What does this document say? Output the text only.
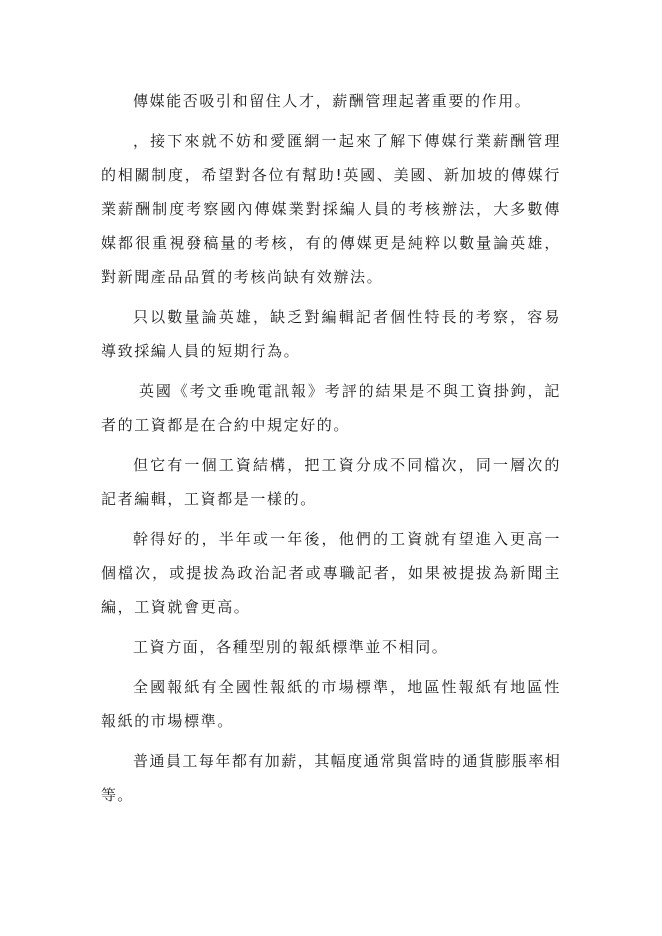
傳媒能否吸引和留住人才，薪酬管理起著重要的作用。

，接下來就不妨和愛匯網一起來了解下傳媒行業薪酬管理的相關制度，希望對各位有幫助!英國、美國、新加坡的傳媒行業薪酬制度考察國內傳媒業對採編人員的考核辦法，大多數傳媒都很重視發稿量的考核，有的傳媒更是純粹以數量論英雄，對新聞產品品質的考核尚缺有效辦法。

只以數量論英雄，缺乏對編輯記者個性特長的考察，容易導致採編人員的短期行為。

英國《考文垂晚電訊報》考評的結果是不與工資掛鉤，記者的工資都是在合約中規定好的。

但它有一個工資結構，把工資分成不同檔次，同一層次的記者編輯，工資都是一樣的。

幹得好的，半年或一年後，他們的工資就有望進入更高一個檔次，或提拔為政治記者或專職記者，如果被提拔為新聞主編，工資就會更高。

工資方面，各種型別的報紙標準並不相同。

全國報紙有全國性報紙的市場標準，地區性報紙有地區性報紙的市場標準。

普通員工每年都有加薪，其幅度通常與當時的通貨膨脹率相等。
